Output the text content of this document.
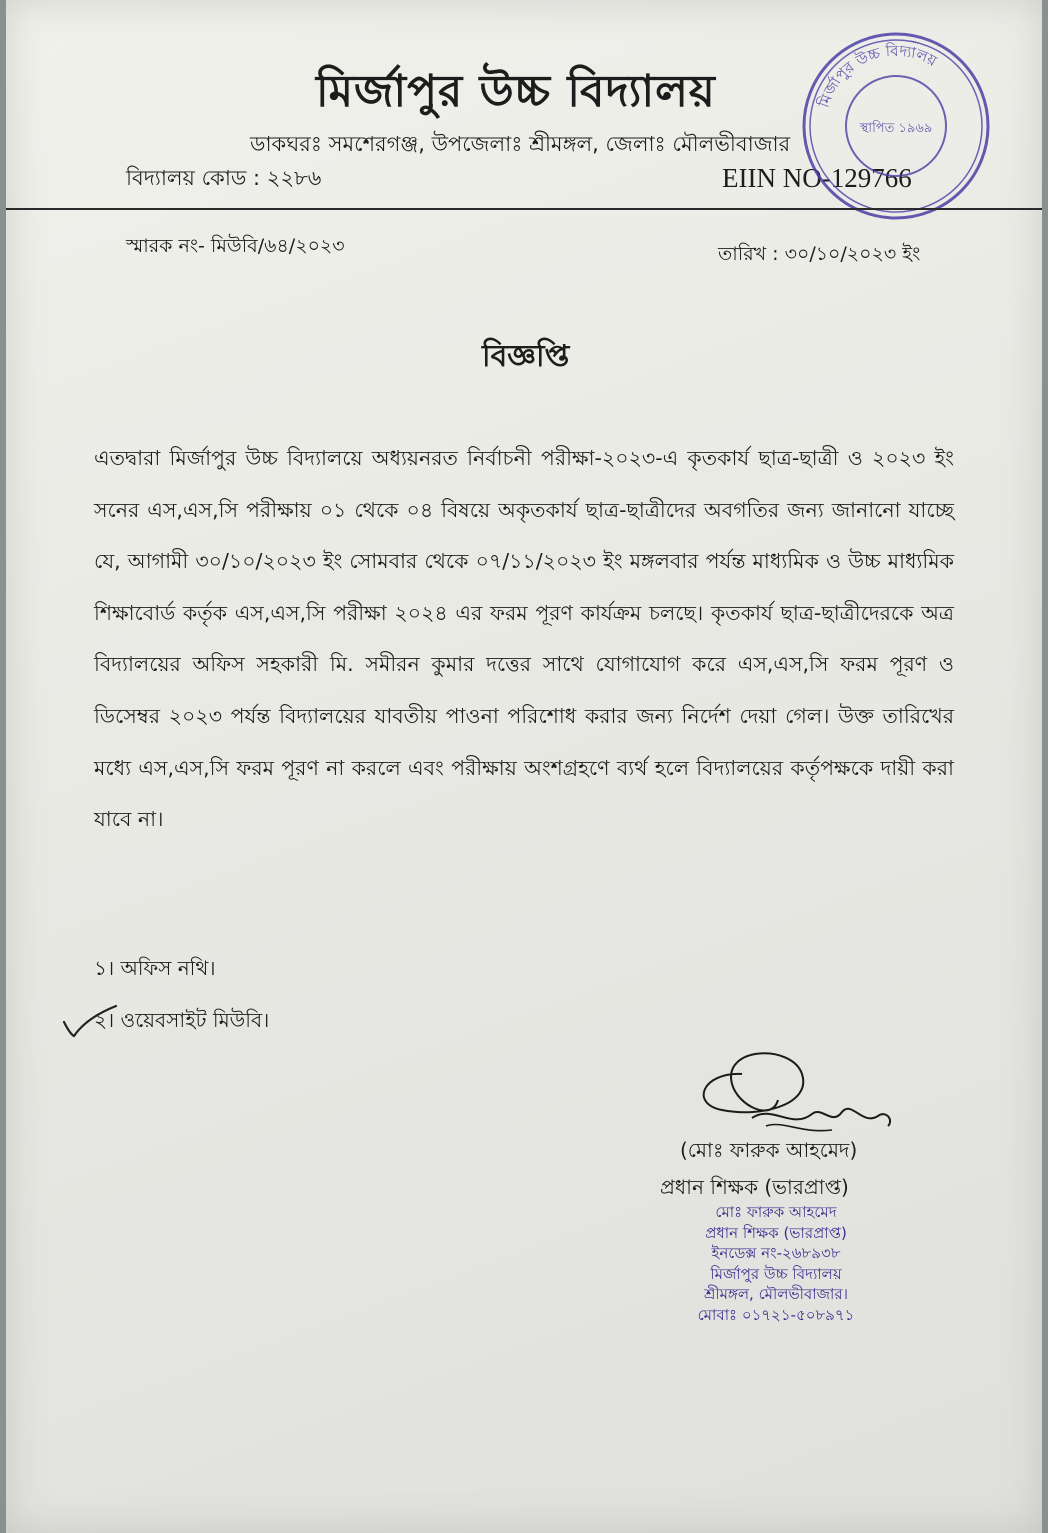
মির্জাপুর উচ্চ বিদ্যালয়
ডাকঘরঃ সমশেরগঞ্জ, উপজেলাঃ শ্রীমঙ্গল, জেলাঃ মৌলভীবাজার
বিদ্যালয় কোড : ২২৮৬	EIIN NO-129766
মির্জাপুর উচ্চ বিদ্যালয়
স্থাপিত ১৯৬৯
স্মারক নং- মিউবি/৬৪/২০২৩	তারিখ : ৩০/১০/২০২৩ ইং
বিজ্ঞপ্তি
এতদ্বারা মির্জাপুর উচ্চ বিদ্যালয়ে অধ্যয়নরত নির্বাচনী পরীক্ষা-২০২৩-এ কৃতকার্য ছাত্র-ছাত্রী ও ২০২৩ ইং সনের এস,এস,সি পরীক্ষায় ০১ থেকে ০৪ বিষয়ে অকৃতকার্য ছাত্র-ছাত্রীদের অবগতির জন্য জানানো যাচ্ছে যে, আগামী ৩০/১০/২০২৩ ইং সোমবার থেকে ০৭/১১/২০২৩ ইং মঙ্গলবার পর্যন্ত মাধ্যমিক ও উচ্চ মাধ্যমিক শিক্ষাবোর্ড কর্তৃক এস,এস,সি পরীক্ষা ২০২৪ এর ফরম পূরণ কার্যক্রম চলছে। কৃতকার্য ছাত্র-ছাত্রীদেরকে অত্র বিদ্যালয়ের অফিস সহকারী মি. সমীরন কুমার দত্তের সাথে যোগাযোগ করে এস,এস,সি ফরম পূরণ ও ডিসেম্বর ২০২৩ পর্যন্ত বিদ্যালয়ের যাবতীয় পাওনা পরিশোধ করার জন্য নির্দেশ দেয়া গেল। উক্ত তারিখের মধ্যে এস,এস,সি ফরম পূরণ না করলে এবং পরীক্ষায় অংশগ্রহণে ব্যর্থ হলে বিদ্যালয়ের কর্তৃপক্ষকে দায়ী করা যাবে না।
১। অফিস নথি।
২। ওয়েবসাইট মিউবি।
(মোঃ ফারুক আহমেদ)
প্রধান শিক্ষক (ভারপ্রাপ্ত)
মোঃ ফারুক আহমেদ
প্রধান শিক্ষক (ভারপ্রাপ্ত)
ইনডেক্স নং-২৬৮৯৩৮
মির্জাপুর উচ্চ বিদ্যালয়
শ্রীমঙ্গল, মৌলভীবাজার।
মোবাঃ ০১৭২১-৫০৮৯৭১
